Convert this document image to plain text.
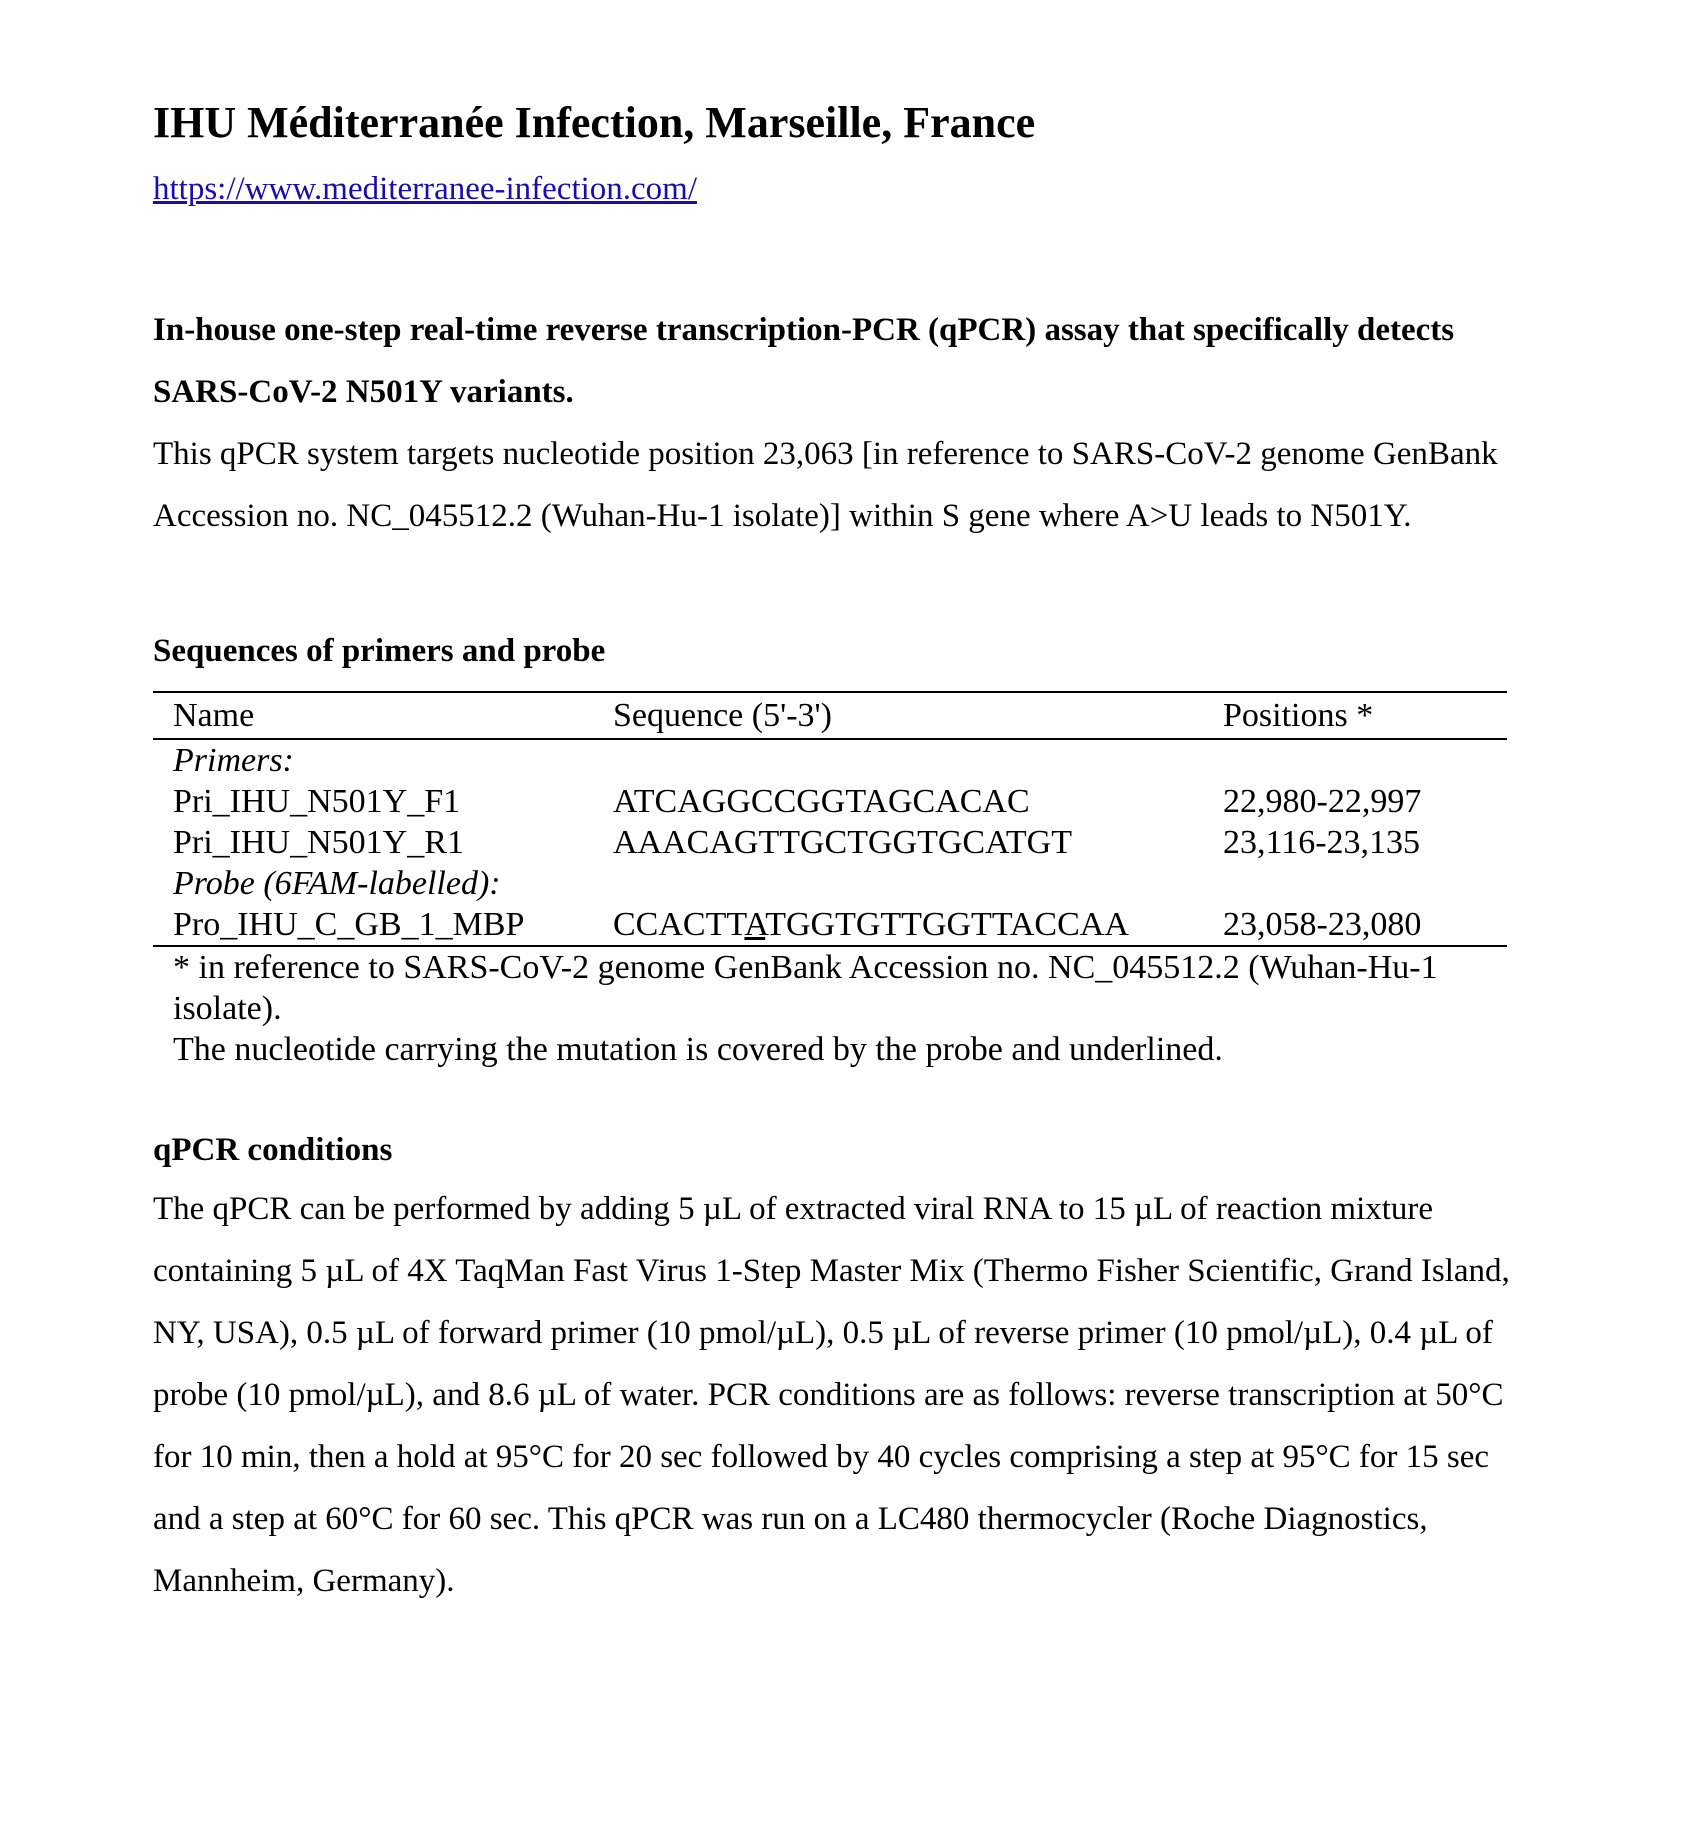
IHU Méditerranée Infection, Marseille, France
https://www.mediterranee-infection.com/
In-house one-step real-time reverse transcription-PCR (qPCR) assay that specifically detects SARS-CoV-2 N501Y variants.
This qPCR system targets nucleotide position 23,063 [in reference to SARS-CoV-2 genome GenBank Accession no. NC_045512.2 (Wuhan-Hu-1 isolate)] within S gene where A>U leads to N501Y.
Sequences of primers and probe
Name	Sequence (5'-3')	Positions *
Primers:		
Pri_IHU_N501Y_F1	ATCAGGCCGGTAGCACAC	22,980-22,997
Pri_IHU_N501Y_R1	AAACAGTTGCTGGTGCATGT	23,116-23,135
Probe (6FAM-labelled):		
Pro_IHU_C_GB_1_MBP	CCACTTATGGTGTTGGTTACCAA	23,058-23,080
* in reference to SARS-CoV-2 genome GenBank Accession no. NC_045512.2 (Wuhan-Hu-1 isolate).
The nucleotide carrying the mutation is covered by the probe and underlined.
qPCR conditions
The qPCR can be performed by adding 5 µL of extracted viral RNA to 15 µL of reaction mixture containing 5 µL of 4X TaqMan Fast Virus 1-Step Master Mix (Thermo Fisher Scientific, Grand Island, NY, USA), 0.5 µL of forward primer (10 pmol/µL), 0.5 µL of reverse primer (10 pmol/µL), 0.4 µL of probe (10 pmol/µL), and 8.6 µL of water. PCR conditions are as follows: reverse transcription at 50°C for 10 min, then a hold at 95°C for 20 sec followed by 40 cycles comprising a step at 95°C for 15 sec and a step at 60°C for 60 sec. This qPCR was run on a LC480 thermocycler (Roche Diagnostics, Mannheim, Germany).
